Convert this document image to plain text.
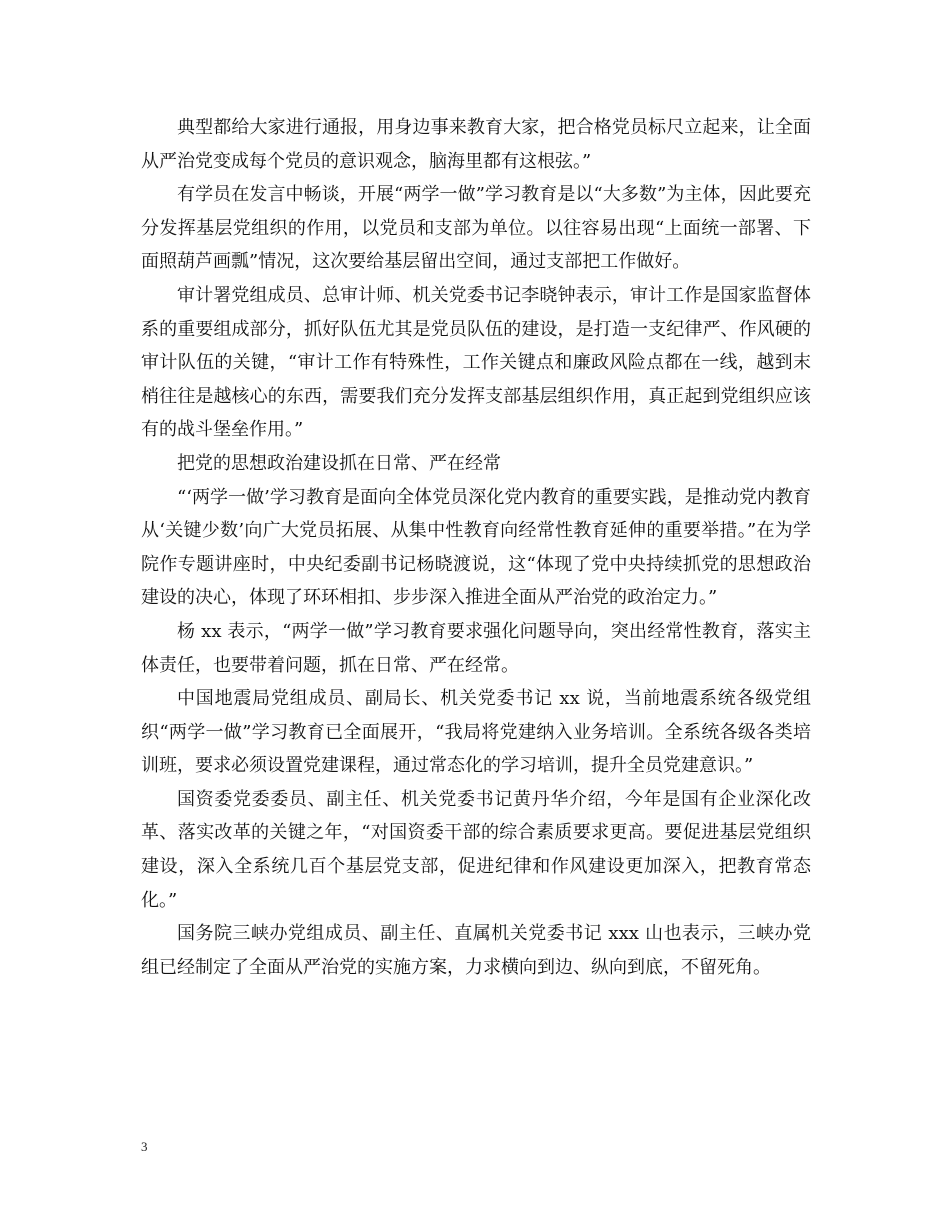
典型都给大家进行通报，用身边事来教育大家，把合格党员标尺立起来，让全面从严治党变成每个党员的意识观念，脑海里都有这根弦。”

有学员在发言中畅谈，开展“两学一做”学习教育是以“大多数”为主体，因此要充分发挥基层党组织的作用，以党员和支部为单位。以往容易出现“上面统一部署、下面照葫芦画瓢”情况，这次要给基层留出空间，通过支部把工作做好。

审计署党组成员、总审计师、机关党委书记李晓钟表示，审计工作是国家监督体系的重要组成部分，抓好队伍尤其是党员队伍的建设，是打造一支纪律严、作风硬的审计队伍的关键，“审计工作有特殊性，工作关键点和廉政风险点都在一线，越到末梢往往是越核心的东西，需要我们充分发挥支部基层组织作用，真正起到党组织应该有的战斗堡垒作用。”

把党的思想政治建设抓在日常、严在经常

“‘两学一做’学习教育是面向全体党员深化党内教育的重要实践，是推动党内教育从‘关键少数’向广大党员拓展、从集中性教育向经常性教育延伸的重要举措。”在为学院作专题讲座时，中央纪委副书记杨晓渡说，这“体现了党中央持续抓党的思想政治建设的决心，体现了环环相扣、步步深入推进全面从严治党的政治定力。”

杨 xx 表示，“两学一做”学习教育要求强化问题导向，突出经常性教育，落实主体责任，也要带着问题，抓在日常、严在经常。

中国地震局党组成员、副局长、机关党委书记 xx 说，当前地震系统各级党组织“两学一做”学习教育已全面展开，“我局将党建纳入业务培训。全系统各级各类培训班，要求必须设置党建课程，通过常态化的学习培训，提升全员党建意识。”

国资委党委委员、副主任、机关党委书记黄丹华介绍，今年是国有企业深化改革、落实改革的关键之年，“对国资委干部的综合素质要求更高。要促进基层党组织建设，深入全系统几百个基层党支部，促进纪律和作风建设更加深入，把教育常态化。”

国务院三峡办党组成员、副主任、直属机关党委书记 xxx 山也表示，三峡办党组已经制定了全面从严治党的实施方案，力求横向到边、纵向到底，不留死角。

3
